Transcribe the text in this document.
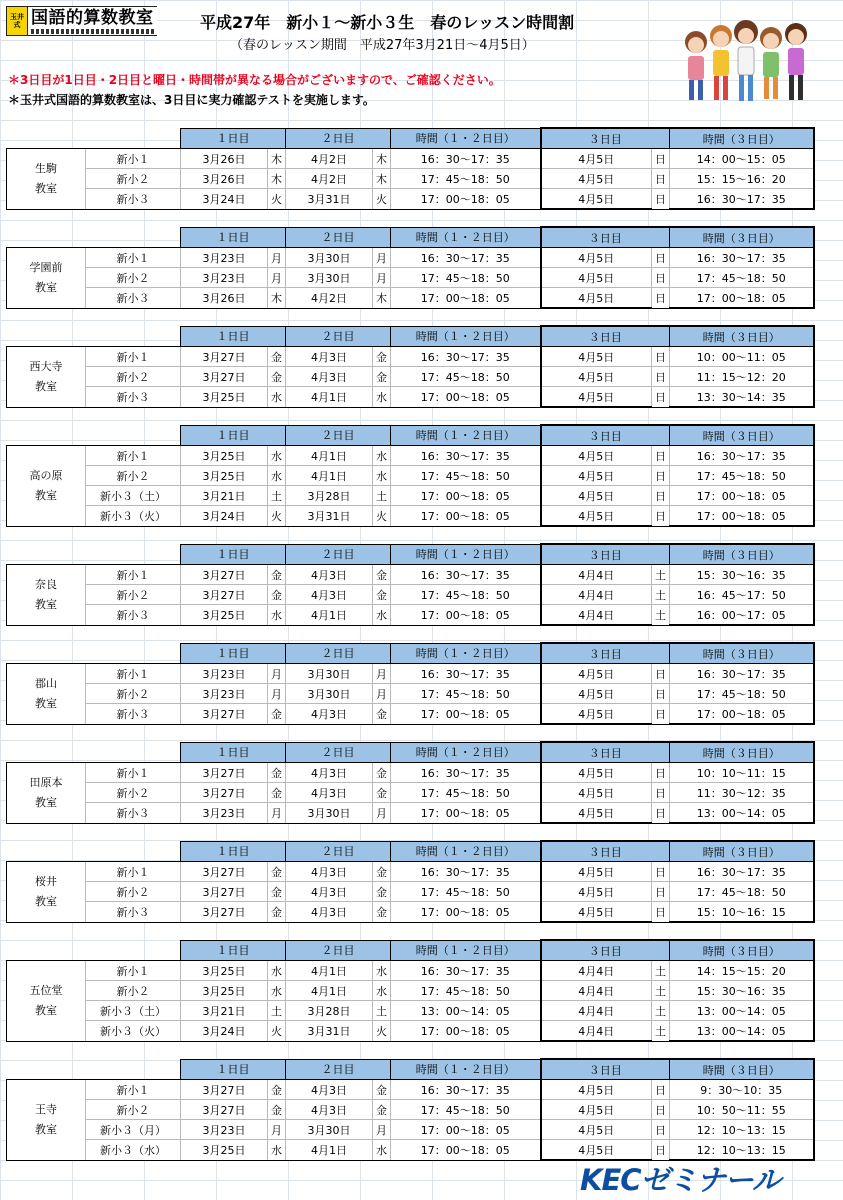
玉井式 国語的算数教室	平成27年　新小１～新小３生　春のレッスン時間割
（春のレッスン期間　平成27年3月21日～4月5日）
＊3日目が1日目・2日目と曜日・時間帯が異なる場合がございますので、ご確認ください。
＊玉井式国語的算数教室は、3日目に実力確認テストを実施します。
		１日目		２日目		時間（１・２日目）	３日目		時間（３日目）

生駒
教室	新小１	3月26日	木	4月2日	木	16：30～17：35	4月5日	日	14：00～15：05
	新小２	3月26日	木	4月2日	木	17：45～18：50	4月5日	日	15：15～16：20
	新小３	3月24日	火	3月31日	火	17：00～18：05	4月5日	日	16：30～17：35
		１日目		２日目		時間（１・２日目）	３日目		時間（３日目）

学園前
教室	新小１	3月23日	月	3月30日	月	16：30～17：35	4月5日	日	16：30～17：35
	新小２	3月23日	月	3月30日	月	17：45～18：50	4月5日	日	17：45～18：50
	新小３	3月26日	木	4月2日	木	17：00～18：05	4月5日	日	17：00～18：05
		１日目		２日目		時間（１・２日目）	３日目		時間（３日目）

西大寺
教室	新小１	3月27日	金	4月3日	金	16：30～17：35	4月5日	日	10：00～11：05
	新小２	3月27日	金	4月3日	金	17：45～18：50	4月5日	日	11：15～12：20
	新小３	3月25日	水	4月1日	水	17：00～18：05	4月5日	日	13：30～14：35
		１日目		２日目		時間（１・２日目）	３日目		時間（３日目）

高の原
教室	新小１	3月25日	水	4月1日	水	16：30～17：35	4月5日	日	16：30～17：35
	新小２	3月25日	水	4月1日	水	17：45～18：50	4月5日	日	17：45～18：50
	新小３（土）	3月21日	土	3月28日	土	17：00～18：05	4月5日	日	17：00～18：05
	新小３（火）	3月24日	火	3月31日	火	17：00～18：05	4月5日	日	17：00～18：05
		１日目		２日目		時間（１・２日目）	３日目		時間（３日目）

奈良
教室	新小１	3月27日	金	4月3日	金	16：30～17：35	4月4日	土	15：30～16：35
	新小２	3月27日	金	4月3日	金	17：45～18：50	4月4日	土	16：45～17：50
	新小３	3月25日	水	4月1日	水	17：00～18：05	4月4日	土	16：00～17：05
		１日目		２日目		時間（１・２日目）	３日目		時間（３日目）

郡山
教室	新小１	3月23日	月	3月30日	月	16：30～17：35	4月5日	日	16：30～17：35
	新小２	3月23日	月	3月30日	月	17：45～18：50	4月5日	日	17：45～18：50
	新小３	3月27日	金	4月3日	金	17：00～18：05	4月5日	日	17：00～18：05
		１日目		２日目		時間（１・２日目）	３日目		時間（３日目）

田原本
教室	新小１	3月27日	金	4月3日	金	16：30～17：35	4月5日	日	10：10～11：15
	新小２	3月27日	金	4月3日	金	17：45～18：50	4月5日	日	11：30～12：35
	新小３	3月23日	月	3月30日	月	17：00～18：05	4月5日	日	13：00～14：05
		１日目		２日目		時間（１・２日目）	３日目		時間（３日目）

桜井
教室	新小１	3月27日	金	4月3日	金	16：30～17：35	4月5日	日	16：30～17：35
	新小２	3月27日	金	4月3日	金	17：45～18：50	4月5日	日	17：45～18：50
	新小３	3月27日	金	4月3日	金	17：00～18：05	4月5日	日	15：10～16：15
		１日目		２日目		時間（１・２日目）	３日目		時間（３日目）

五位堂
教室	新小１	3月25日	水	4月1日	水	16：30～17：35	4月4日	土	14：15～15：20
	新小２	3月25日	水	4月1日	水	17：45～18：50	4月4日	土	15：30～16：35
	新小３（土）	3月21日	土	3月28日	土	13：00～14：05	4月4日	土	13：00～14：05
	新小３（火）	3月24日	火	3月31日	火	17：00～18：05	4月4日	土	13：00～14：05
		１日目		２日目		時間（１・２日目）	３日目		時間（３日目）

王寺
教室	新小１	3月27日	金	4月3日	金	16：30～17：35	4月5日	日	9：30～10：35
	新小２	3月27日	金	4月3日	金	17：45～18：50	4月5日	日	10：50～11：55
	新小３（月）	3月23日	月	3月30日	月	17：00～18：05	4月5日	日	12：10～13：15
	新小３（水）	3月25日	水	4月1日	水	17：00～18：05	4月5日	日	12：10～13：15
KECゼミナール
